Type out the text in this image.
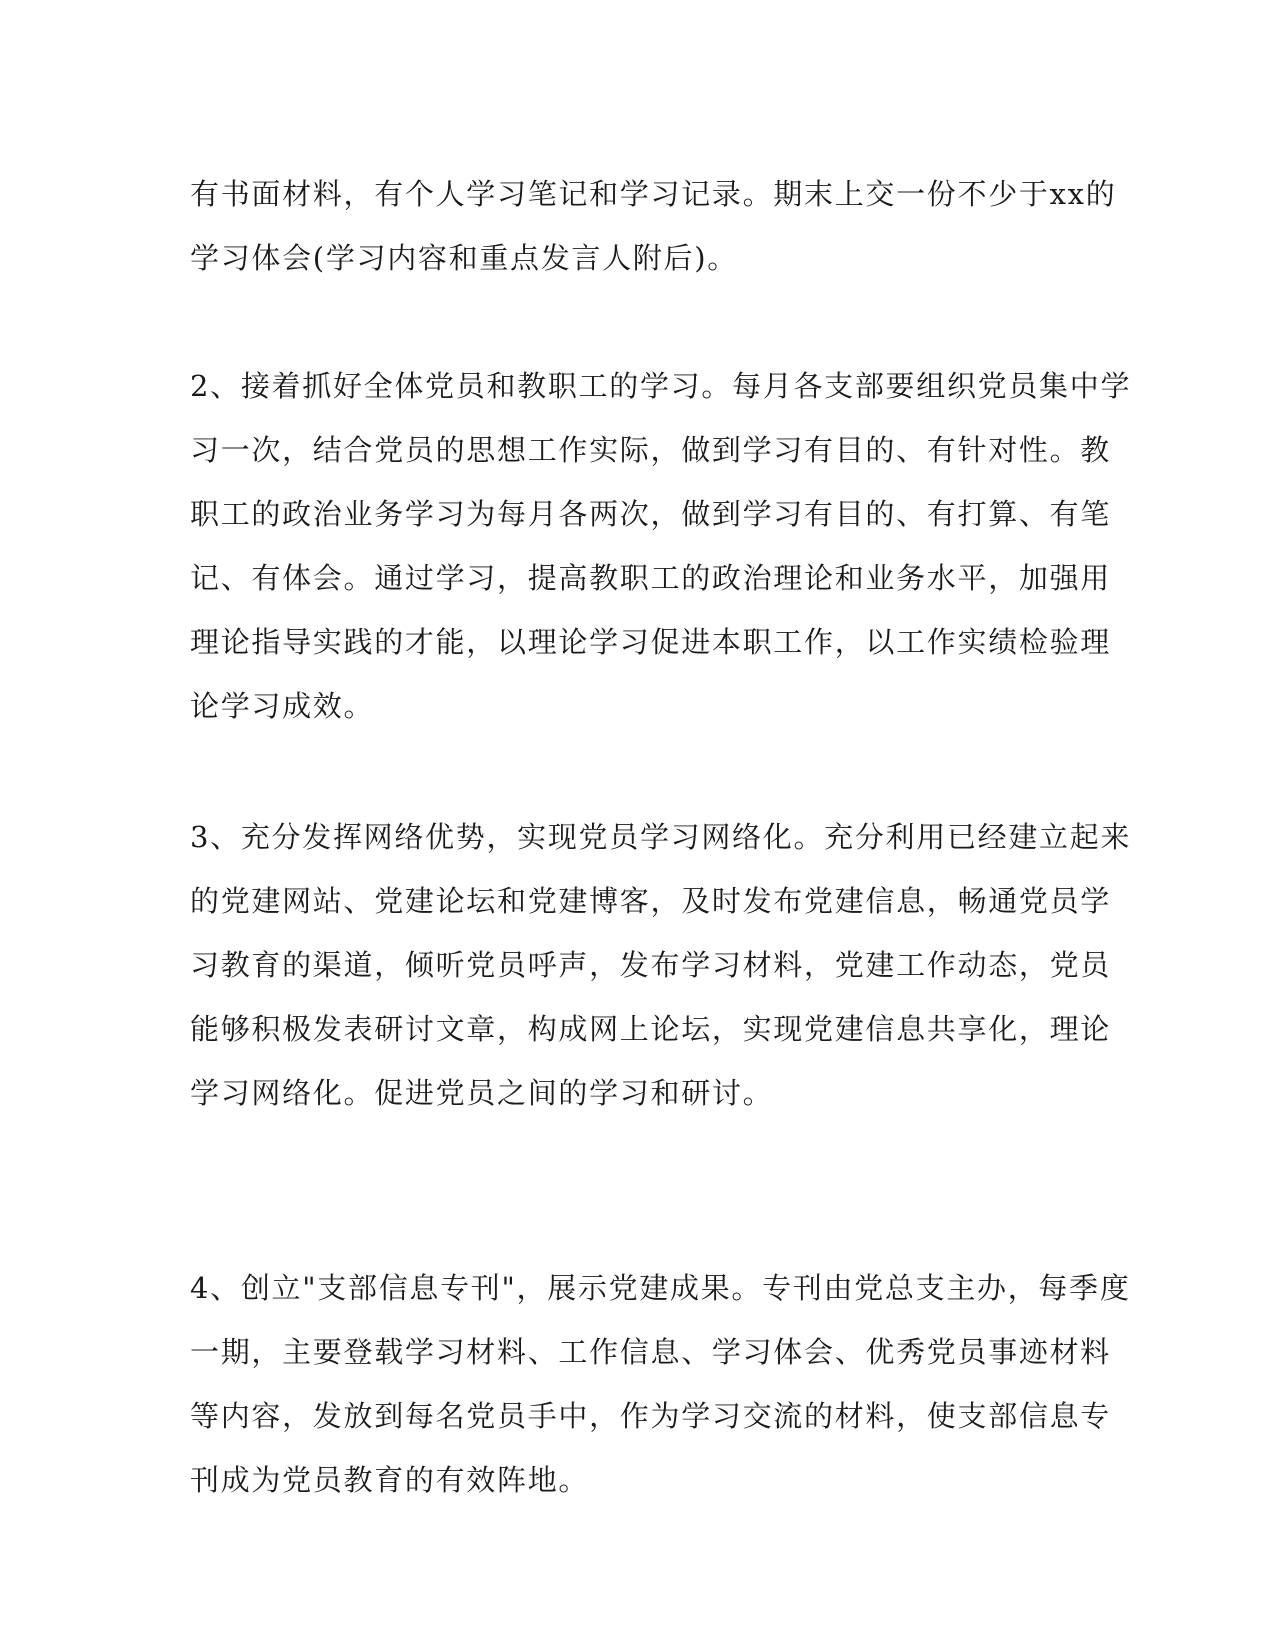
有书面材料，有个人学习笔记和学习记录。期末上交一份不少于xx的
学习体会(学习内容和重点发言人附后)。
2、接着抓好全体党员和教职工的学习。每月各支部要组织党员集中学
习一次，结合党员的思想工作实际，做到学习有目的、有针对性。教
职工的政治业务学习为每月各两次，做到学习有目的、有打算、有笔
记、有体会。通过学习，提高教职工的政治理论和业务水平，加强用
理论指导实践的才能，以理论学习促进本职工作，以工作实绩检验理
论学习成效。
3、充分发挥网络优势，实现党员学习网络化。充分利用已经建立起来
的党建网站、党建论坛和党建博客，及时发布党建信息，畅通党员学
习教育的渠道，倾听党员呼声，发布学习材料，党建工作动态，党员
能够积极发表研讨文章，构成网上论坛，实现党建信息共享化，理论
学习网络化。促进党员之间的学习和研讨。
4、创立"支部信息专刊"，展示党建成果。专刊由党总支主办，每季度
一期，主要登载学习材料、工作信息、学习体会、优秀党员事迹材料
等内容，发放到每名党员手中，作为学习交流的材料，使支部信息专
刊成为党员教育的有效阵地。
